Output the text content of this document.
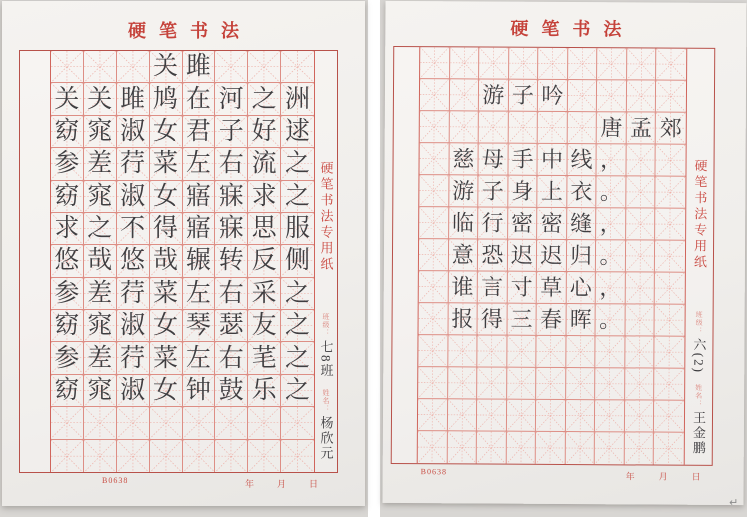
硬笔书法
关 雎
关 关 雎 鸠 在 河 之 洲
窈 窕 淑 女 君 子 好 逑
参 差 荇 菜 左 右 流 之
窈 窕 淑 女 寤 寐 求 之
求 之 不 得 寤 寐 思 服
悠 哉 悠 哉 辗 转 反 侧
参 差 荇 菜 左 右 采 之
窈 窕 淑 女 琴 瑟 友 之
参 差 荇 菜 左 右 芼 之
窈 窕 淑 女 钟 鼓 乐 之
硬笔书法专用纸
班级：
七8班
姓名：
杨欣元
B0638	年	月	日
硬笔书法
游 子 吟
唐 孟 郊
慈 母 手 中 线 ，
游 子 身 上 衣 。
临 行 密 密 缝 ，
意 恐 迟 迟 归 。
谁 言 寸 草 心 ，
报 得 三 春 晖 。
硬笔书法专用纸
班级：
六(2)
姓名：
王金鹏
B0638	年	月	日
↵
